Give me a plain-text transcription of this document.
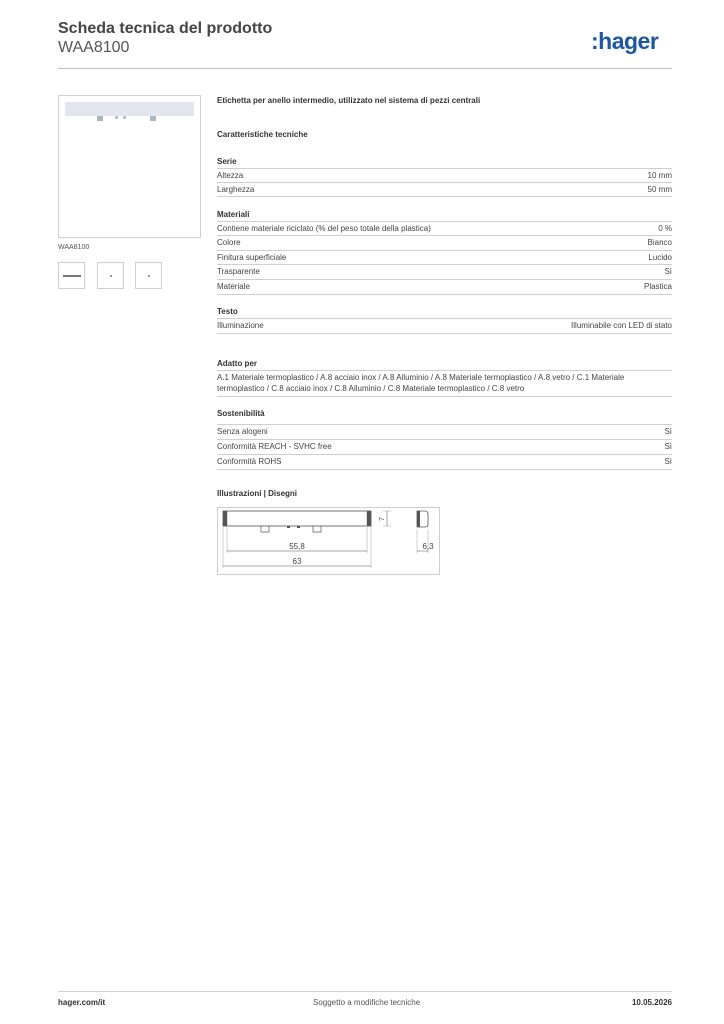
Scheda tecnica del prodotto
WAA8100	:hager
WAA8100
Etichetta per anello intermedio, utilizzato nel sistema di pezzi centrali
Caratteristiche tecniche
Serie
Altezza	10 mm
Larghezza	50 mm
Materiali
Contiene materiale riciclato (% del peso totale della plastica)	0 %
Colore	Bianco
Finitura superficiale	Lucido
Trasparente	Sì
Materiale	Plastica
Testo
Illuminazione	Illuminabile con LED di stato
Adatto per
A.1 Materiale termoplastico / A.8 acciaio inox / A.8 Alluminio / A.8 Materiale termoplastico / A.8 vetro / C.1 Materiale termoplastico / C.8 acciaio inox / C.8 Alluminio / C.8 Materiale termoplastico / C.8 vetro
Sostenibilità
Senza alogeni	Sì
Conformità REACH - SVHC free	Sì
Conformità ROHS	Sì
Illustrazioni | Disegni
55,8
63
7
6,3
hager.com/it	Soggetto a modifiche tecniche	10.05.2026
